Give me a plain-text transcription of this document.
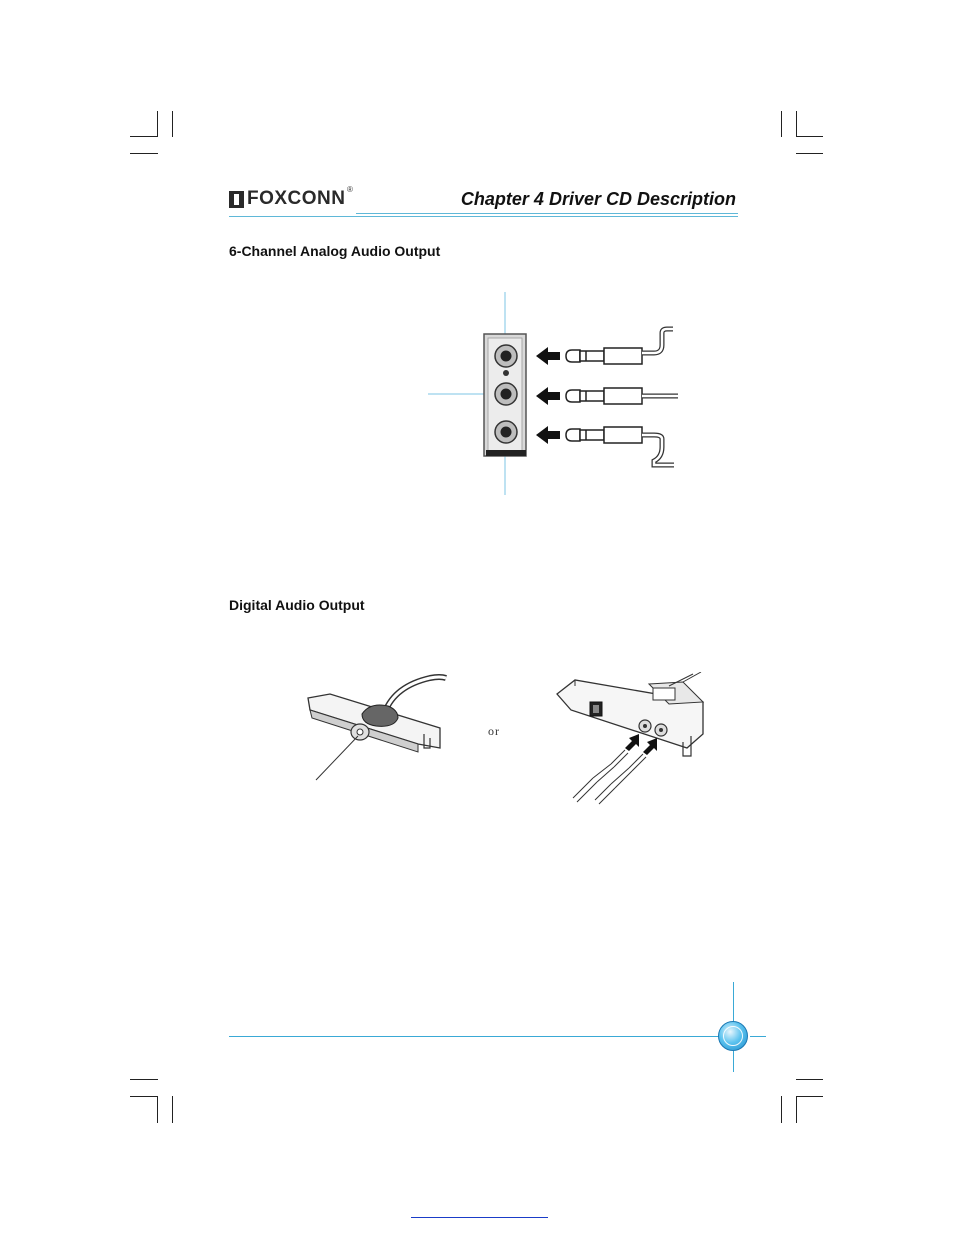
FOXCONN ®	Chapter 4 Driver CD Description
6-Channel Analog Audio Output
Digital Audio Output
or
